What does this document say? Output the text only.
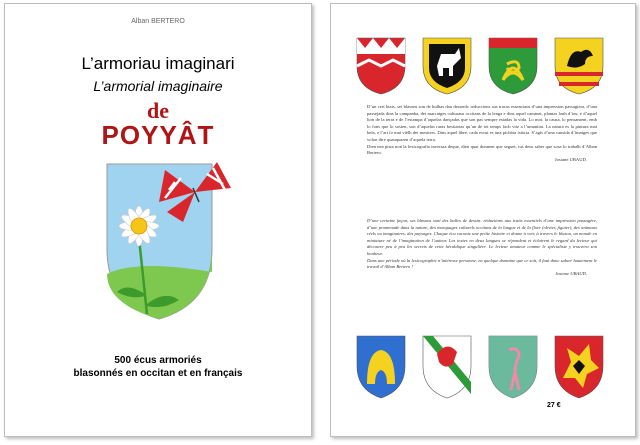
Alban BERTERO
L’armoriau imaginari
L’armorial imaginaire
de
POYYÂT
500 écus armoriés
blasonnés en occitan et en français
D’un cert biais, sei blasons son de bulhas dau dessenh: reduccions sus tracas essenciaus d’una impression passagiera, d’una passejada dins la campanha, dei marcatges culturaus occitans de la lenga e dins aquel caminat, plantas lonh d’ieu, e d’aquel lion de la terra e de l’estampa d’aquelas dançadas que son pas sempre estadas la vida. Lo mot, la causa, lo pensament, emb lo fons que lo sosten, son d’aquelas raras bestiarias qu’an de tot temps fach vitz a l’umanitat. La natura es la pintura mai bela, e l’art lo mai vièlh dei mestiers. Dins aquel libre, cada escut es una pichòta istòria. S’agís d’una causida d’imatges que volon dire quauquaren d’aquela terra.
Dien nea pista non la lexicografia inversaa deque, dien quai donnent que seguet, tus deus saber que sosa lo trabalh d’Alban Bertero.
Josiane UBAUD.
D’une certaine façon, ses blasons sont des bulles de dessin: réductions aux traits essentiels d’une impression passagère, d’une promenade dans la nature, des marquages culturels occitans de la langue et de la flore (olivier, figuier), des animaux réels ou imaginaires, des paysages. Chaque écu raconte une petite histoire et donne à voir, à travers le blason, un monde en miniature né de l’imagination de l’auteur. Les textes en deux langues se répondent et éclairent le regard du lecteur qui découvre peu à peu les secrets de cette héraldique singulière. Le lecteur amateur comme le spécialiste y trouvera son bonheur.
Dans une période où la lexicographie n’intéresse personne, en quelque domaine que ce soit, il faut donc saluer hautement le travail d’Alban Bertero !
Josiane UBAUD.
27 €
